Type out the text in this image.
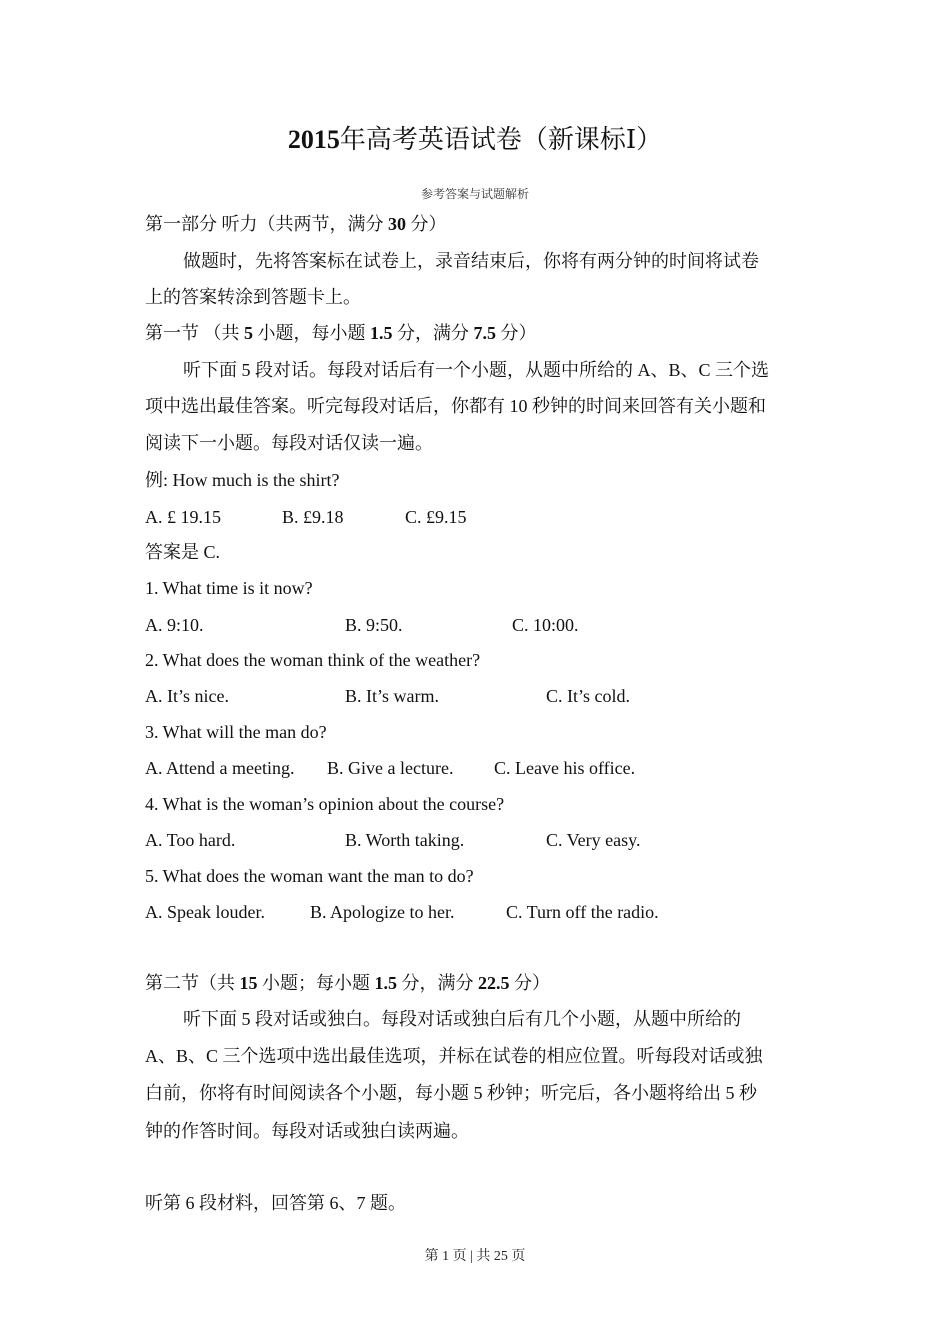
2015年高考英语试卷（新课标Ⅰ）
参考答案与试题解析
第一部分 听力（共两节，满分 30 分）
做题时，先将答案标在试卷上，录音结束后，你将有两分钟的时间将试卷
上的答案转涂到答题卡上。
第一节 （共 5 小题，每小题 1.5 分，满分 7.5 分）
听下面 5 段对话。每段对话后有一个小题，从题中所给的 A、B、C 三个选
项中选出最佳答案。听完每段对话后，你都有 10 秒钟的时间来回答有关小题和
阅读下一小题。每段对话仅读一遍。
例: How much is the shirt?
A. £ 19.15	B. £9.18	C. £9.15
答案是 C.
1. What time is it now?
A. 9:10.	B. 9:50.	C. 10:00.
2. What does the woman think of the weather?
A. It’s nice.	B. It’s warm.	C. It’s cold.
3. What will the man do?
A. Attend a meeting. B. Give a lecture. C. Leave his office.
4. What is the woman’s opinion about the course?
A. Too hard.	B. Worth taking.	C. Very easy.
5. What does the woman want the man to do?
A. Speak louder.	B. Apologize to her.	C. Turn off the radio.
第二节（共 15 小题；每小题 1.5 分，满分 22.5 分）
听下面 5 段对话或独白。每段对话或独白后有几个小题，从题中所给的
A、B、C 三个选项中选出最佳选项，并标在试卷的相应位置。听每段对话或独
白前，你将有时间阅读各个小题，每小题 5 秒钟；听完后，各小题将给出 5 秒
钟的作答时间。每段对话或独白读两遍。
听第 6 段材料，回答第 6、7 题。
第 1 页 | 共 25 页
